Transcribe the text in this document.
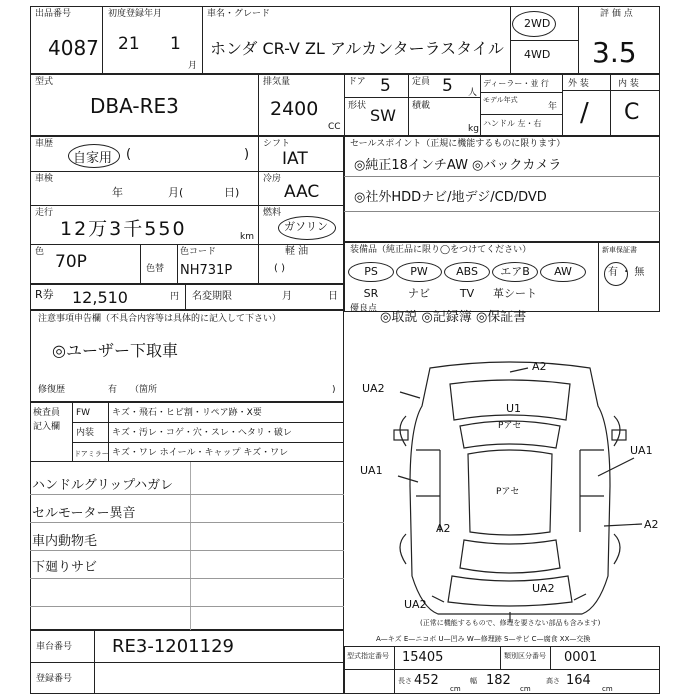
出品番号
4087
初度登録年月
21 1
月
車名・グレード
ホンダ CR-V ZL アルカンターラスタイル
2WD
4WD
評 価 点
3.5
型式
DBA-RE3
排気量
2400
CC
ドア 5
形状 SW
定員 5 人
積載
kg
ディーラー・並 行
モデル年式
年
ハンドル 左・右
外 装	内 装
/ C
車歴
自家用 (	)
シフト
IAT
車検
年	月(	日)
冷房
AAC
走行
12万3千550	km
燃料
ガソリン
軽 油
( )
色 70P	色替
色コード
NH731P
R券 12,510	円 名変期限	月	日
セールスポイント（正規に機能するものに限ります）
◎純正18インチAW ◎バックカメラ
◎社外HDDナビ/地デジ/CD/DVD
装備品（純正品に限り◯をつけてください）	新車保証書
有 ・ 無
PS	PW	ABS エアB AW
SR	ナビ	TV 革シート
優良点
◎取説 ◎記録簿 ◎保証書
注意事項申告欄（不具合内容等は具体的に記入して下さい）
◎ユーザー下取車
修復歴	有 （箇所	)
検査員
記入欄
FW キズ・飛石・ヒビ割・リペア跡・X要
内装 キズ・汚レ・コゲ・穴・スレ・ヘタリ・破レ
ドアミラー キズ・ワレ ホイール・キャップ キズ・ワレ
ハンドルグリップハガレ
セルモーター異音
車内動物毛
下廻りサビ
A2
UA2
U1
Pアセ
UA1
Pアセ
A2
UA1
A2
UA2
UA2
A—キズ E—ニコボ U—凹み W—修理跡 S—サビ C—腐食 XX—交換
(正常に機能するもので、修理を要さない部品も含みます)
車台番号 RE3-1201129
登録番号
型式指定番号 15405	類別区分番号 0001
長さ 452
cm
幅 182
cm
高さ 164
cm
